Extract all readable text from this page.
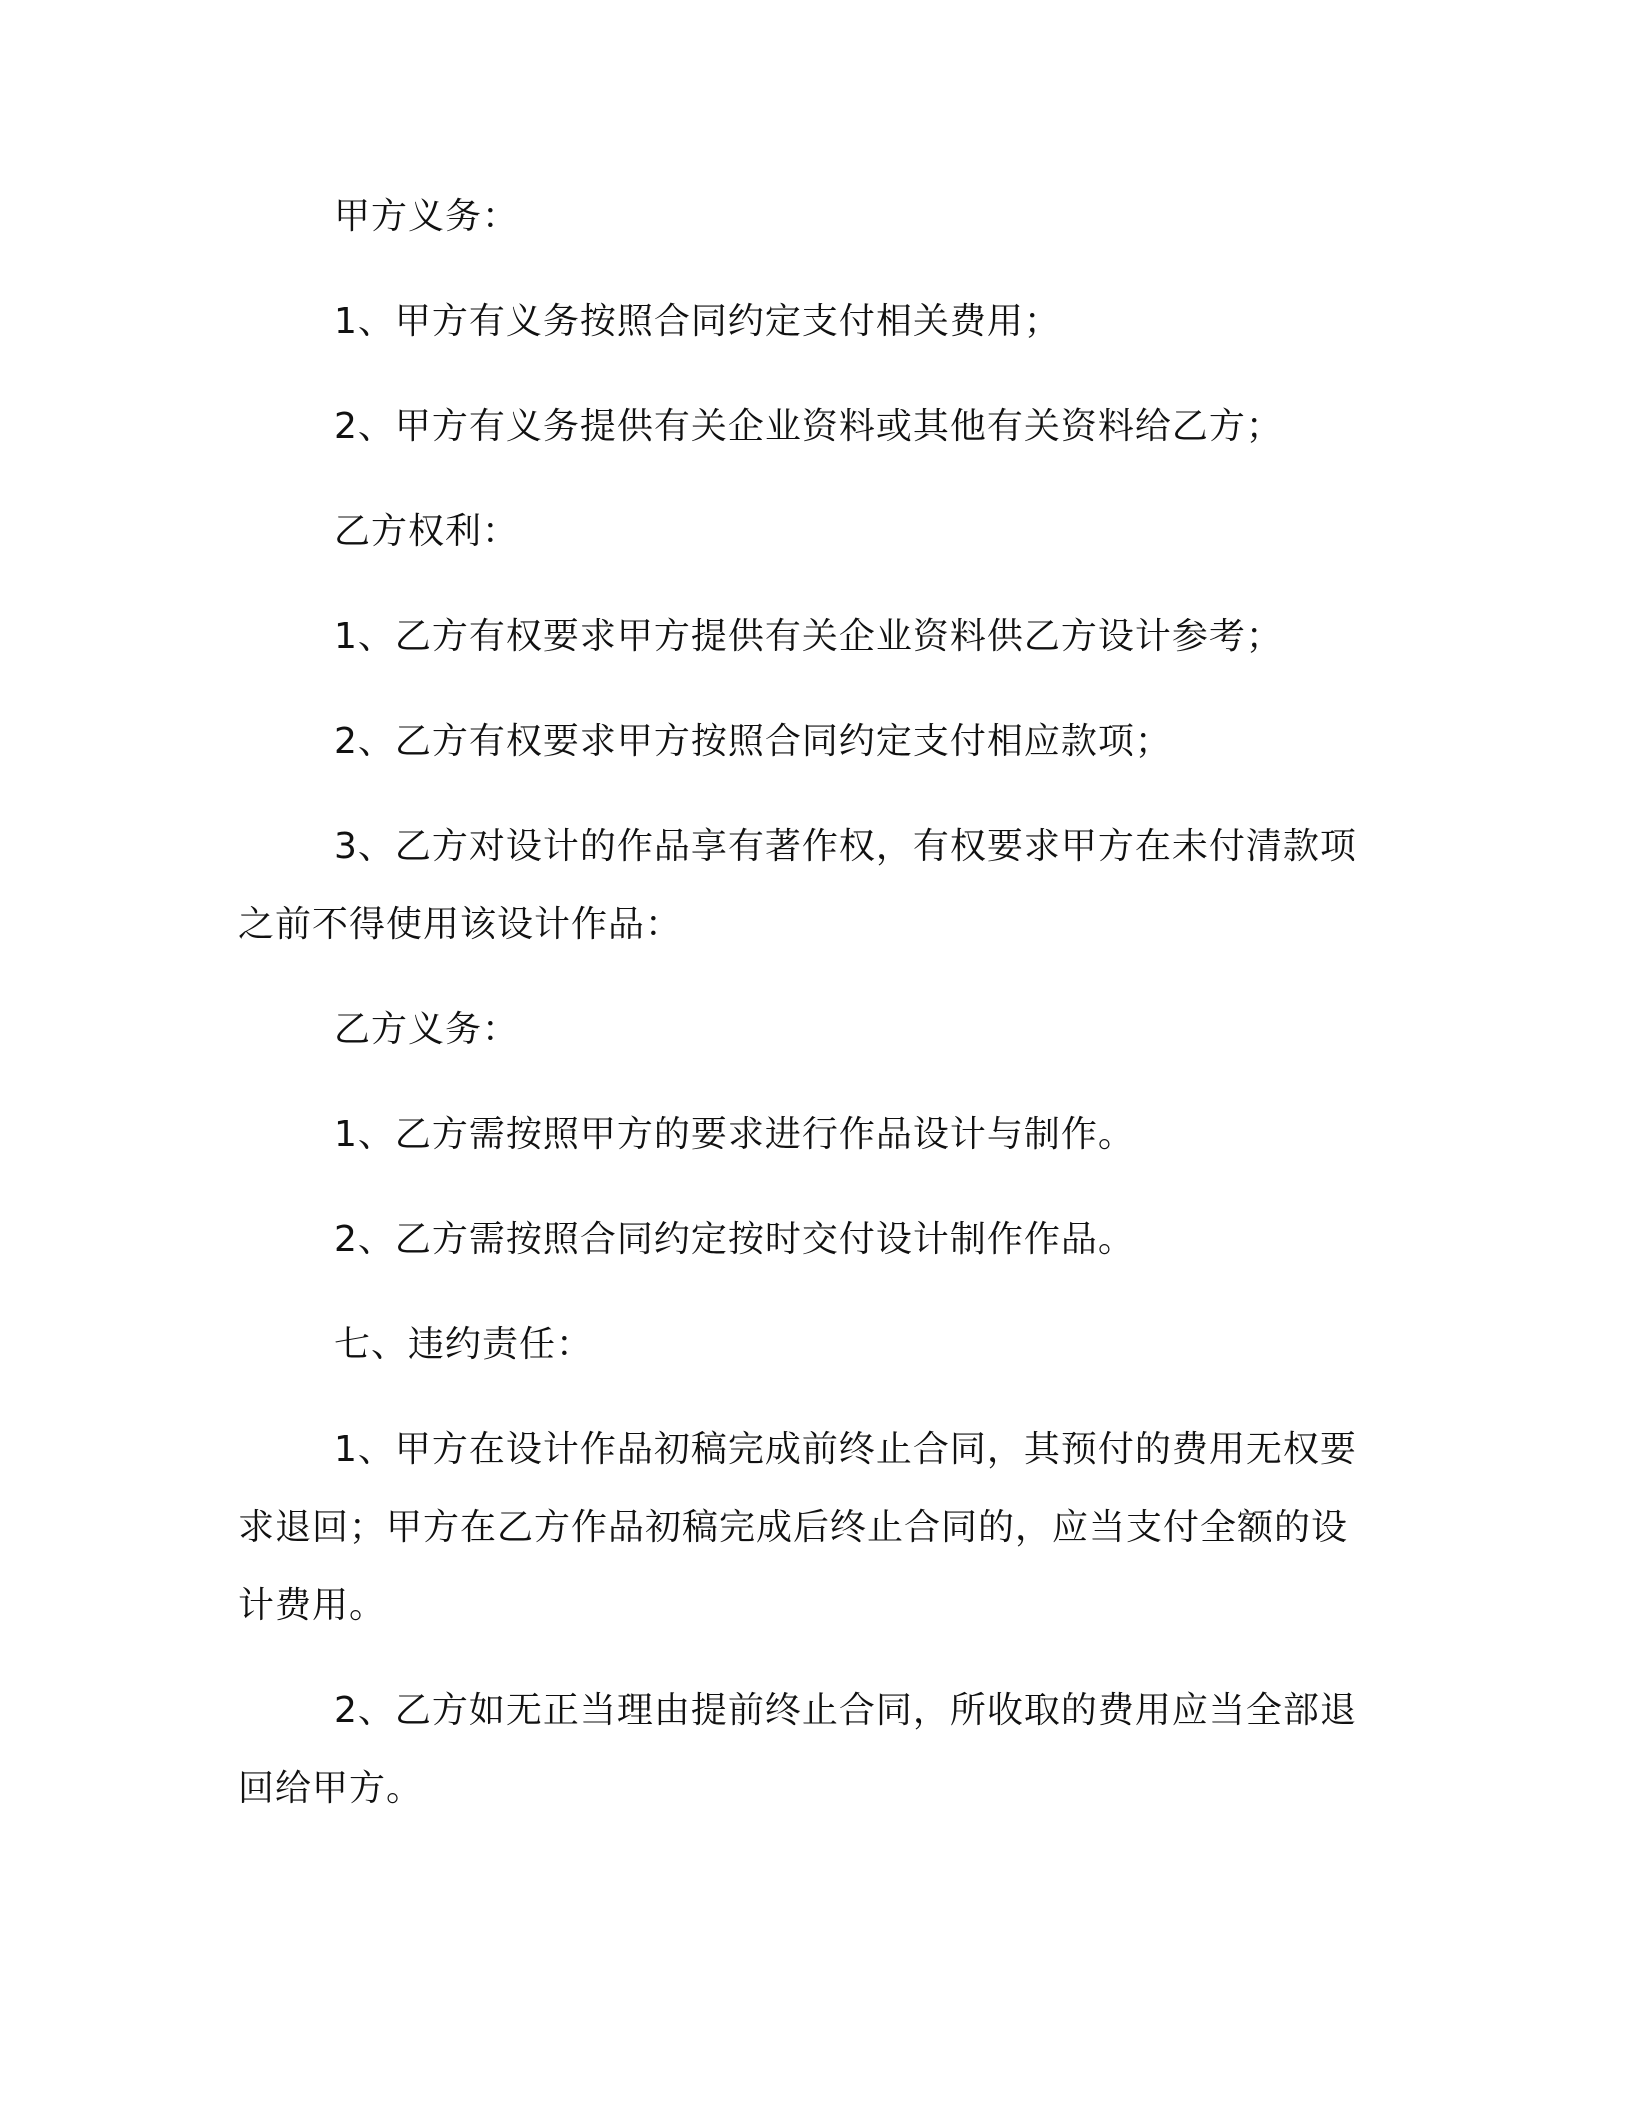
甲方义务：

1、甲方有义务按照合同约定支付相关费用；

2、甲方有义务提供有关企业资料或其他有关资料给乙方；

乙方权利：

1、乙方有权要求甲方提供有关企业资料供乙方设计参考；

2、乙方有权要求甲方按照合同约定支付相应款项；

3、乙方对设计的作品享有著作权，有权要求甲方在未付清款项之前不得使用该设计作品：

乙方义务：

1、乙方需按照甲方的要求进行作品设计与制作。

2、乙方需按照合同约定按时交付设计制作作品。

七、违约责任：

1、甲方在设计作品初稿完成前终止合同，其预付的费用无权要求退回；甲方在乙方作品初稿完成后终止合同的，应当支付全额的设计费用。

2、乙方如无正当理由提前终止合同，所收取的费用应当全部退回给甲方。
